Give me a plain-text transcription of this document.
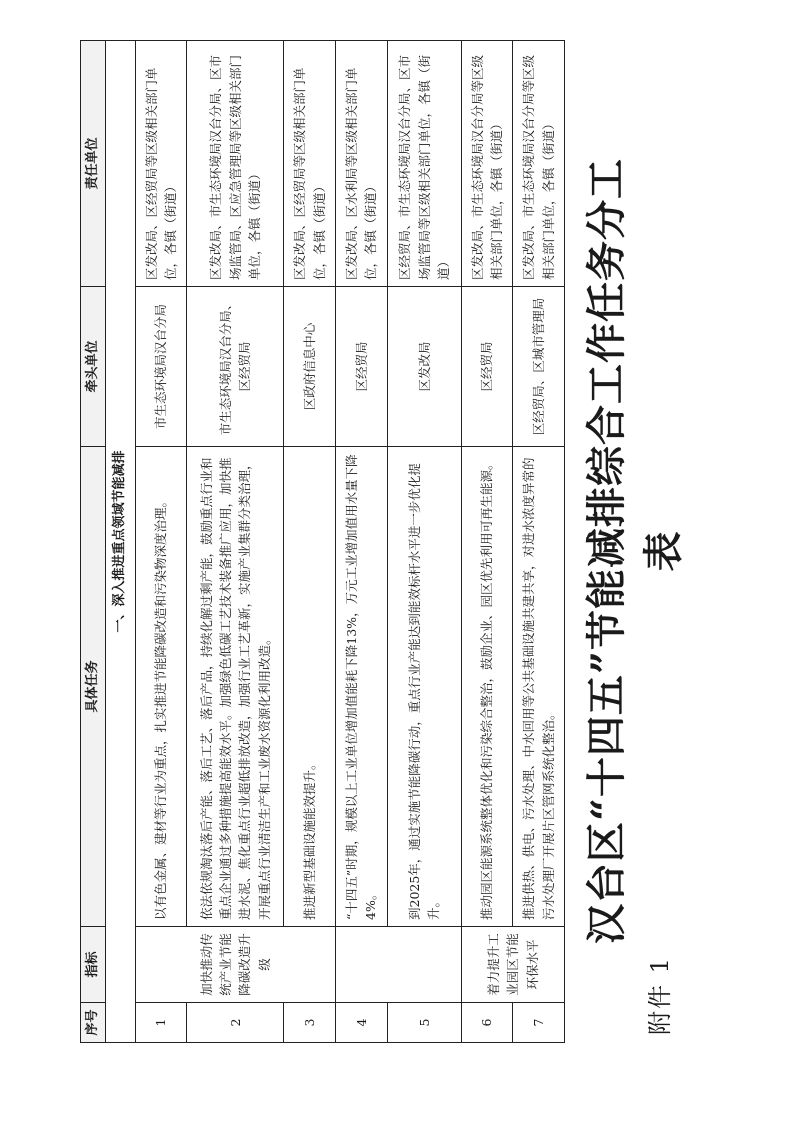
附件 1
序号	指标	具体任务	牵头单位	责任单位
一、深入推进重点领域节能减排				
1	加快推动传统产业节能降碳改造升级	以有色金属、建材等行业为重点，扎实推进节能降碳改造和污染物深度治理。	市生态环境局汉台分局	区发改局、区经贸局等区级相关部门单位，各镇（街道）
2		依法依规淘汰落后产能、落后工艺、落后产品，持续化解过剩产能，鼓励重点行业和重点企业通过多种措施提高能效水平。加强绿色低碳工艺技术装备推广应用，加快推进水泥、焦化重点行业超低排放改造，加强行业工艺革新，实施产业集群分类治理，开展重点行业清洁生产和工业废水资源化利用改造。	市生态环境局汉台分局、区经贸局	区发改局、市生态环境局汉台分局、区市场监管局、区应急管理局等区级相关部门单位，各镇（街道）
3		推进新型基础设施能效提升。	区政府信息中心	区发改局、区经贸局等区级相关部门单位，各镇（街道）
4		“十四五”时期，规模以上工业单位增加值能耗下降13%，万元工业增加值用水量下降4%。	区经贸局	区发改局、区水利局等区级相关部门单位，各镇（街道）
5		到2025年，通过实施节能降碳行动，重点行业产能达到能效标杆水平进一步优化提升。	区发改局	区经贸局、市生态环境局汉台分局、区市场监管局等区级相关部门单位，各镇（街道）
6	着力提升工业园区节能环保水平	推动园区能源系统整体优化和污染综合整治，鼓励企业、园区优先利用可再生能源。	区经贸局	区发改局、市生态环境局汉台分局等区级相关部门单位，各镇（街道）
7		推进供热、供电、污水处理、中水回用等公共基础设施共建共享，对进水浓度异常的污水处理厂开展片区管网系统化整治。	区经贸局、区城市管理局	区发改局、市生态环境局汉台分局等区级相关部门单位，各镇（街道） 汉台区“十四五”节能减排综合工作任务分工表
